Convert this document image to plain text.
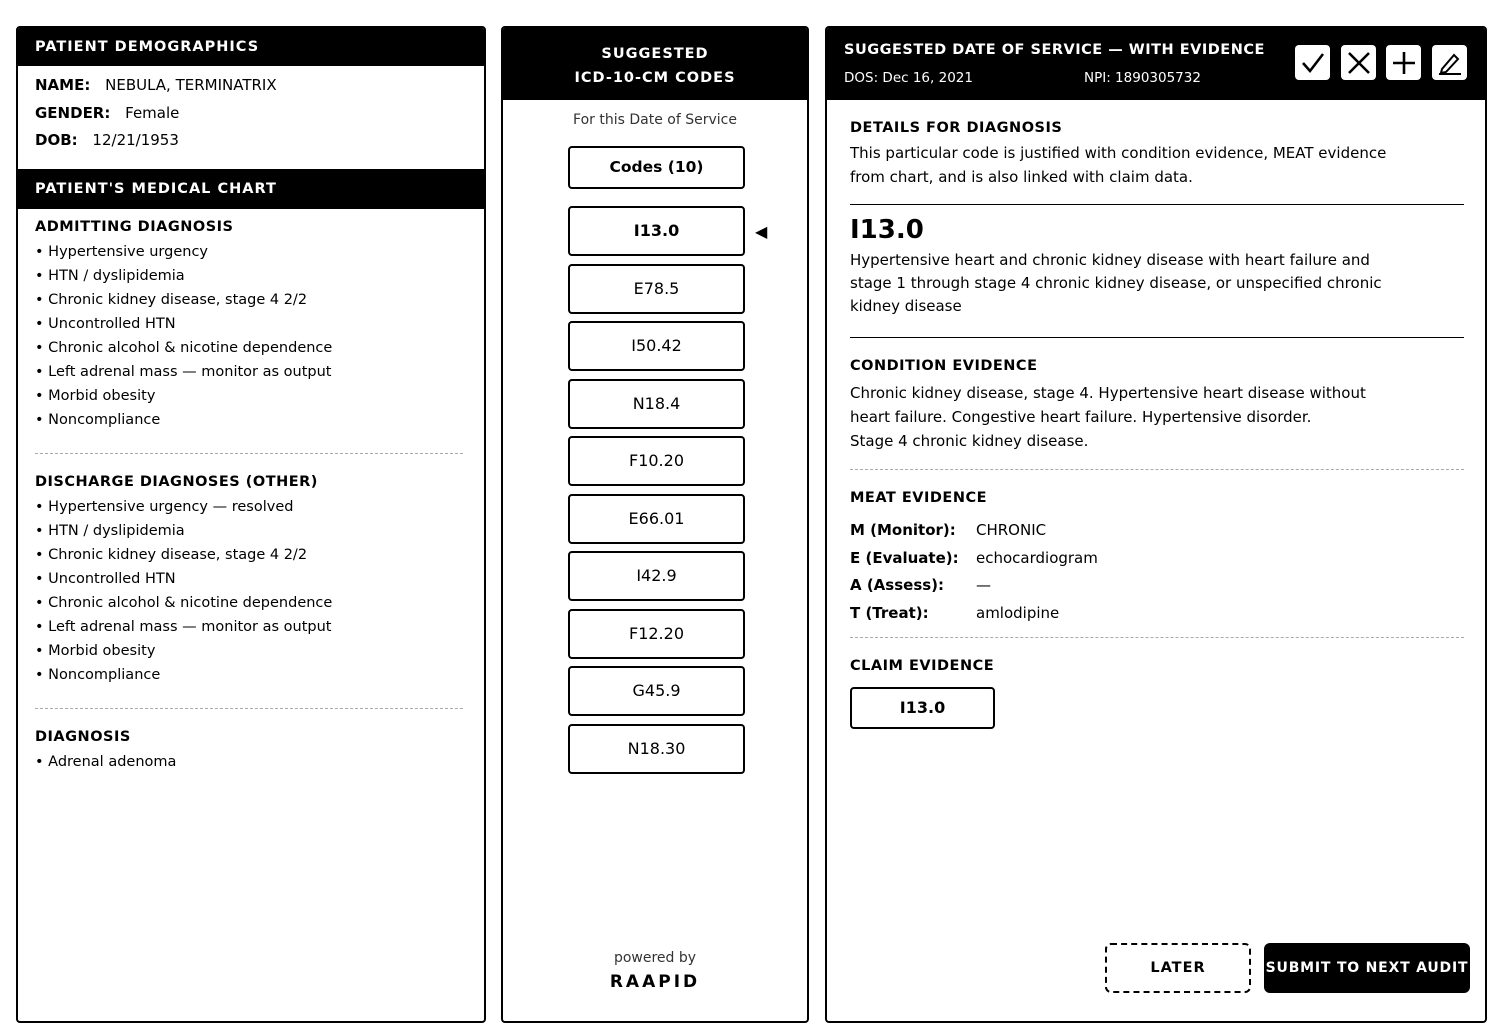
PATIENT DEMOGRAPHICS
NAME: NEBULA, TERMINATRIX
GENDER: Female
DOB: 12/21/1953
PATIENT'S MEDICAL CHART
ADMITTING DIAGNOSIS
• Hypertensive urgency
• HTN / dyslipidemia
• Chronic kidney disease, stage 4 2/2
• Uncontrolled HTN
• Chronic alcohol & nicotine dependence
• Left adrenal mass — monitor as output
• Morbid obesity
• Noncompliance
DISCHARGE DIAGNOSES (OTHER)
• Hypertensive urgency — resolved
• HTN / dyslipidemia
• Chronic kidney disease, stage 4 2/2
• Uncontrolled HTN
• Chronic alcohol & nicotine dependence
• Left adrenal mass — monitor as output
• Morbid obesity
• Noncompliance
DIAGNOSIS
• Adrenal adenoma
SUGGESTED
ICD-10-CM CODES
For this Date of Service
Codes (10)
I13.0
E78.5
I50.42
N18.4
F10.20
E66.01
I42.9
F12.20
G45.9
N18.30
◀
powered by
RAAPID
SUGGESTED DATE OF SERVICE — WITH EVIDENCE
DOS: Dec 16, 2021	NPI: 1890305732
DETAILS FOR DIAGNOSIS
This particular code is justified with condition evidence, MEAT evidence from chart, and is also linked with claim data.
I13.0
Hypertensive heart and chronic kidney disease with heart failure and stage 1 through stage 4 chronic kidney disease, or unspecified chronic kidney disease
CONDITION EVIDENCE
Chronic kidney disease, stage 4. Hypertensive heart disease without heart failure. Congestive heart failure. Hypertensive disorder.
Stage 4 chronic kidney disease.
MEAT EVIDENCE
M (Monitor): CHRONIC
E (Evaluate): echocardiogram
A (Assess): —
T (Treat):	amlodipine
CLAIM EVIDENCE
I13.0
LATER	SUBMIT TO NEXT AUDIT
